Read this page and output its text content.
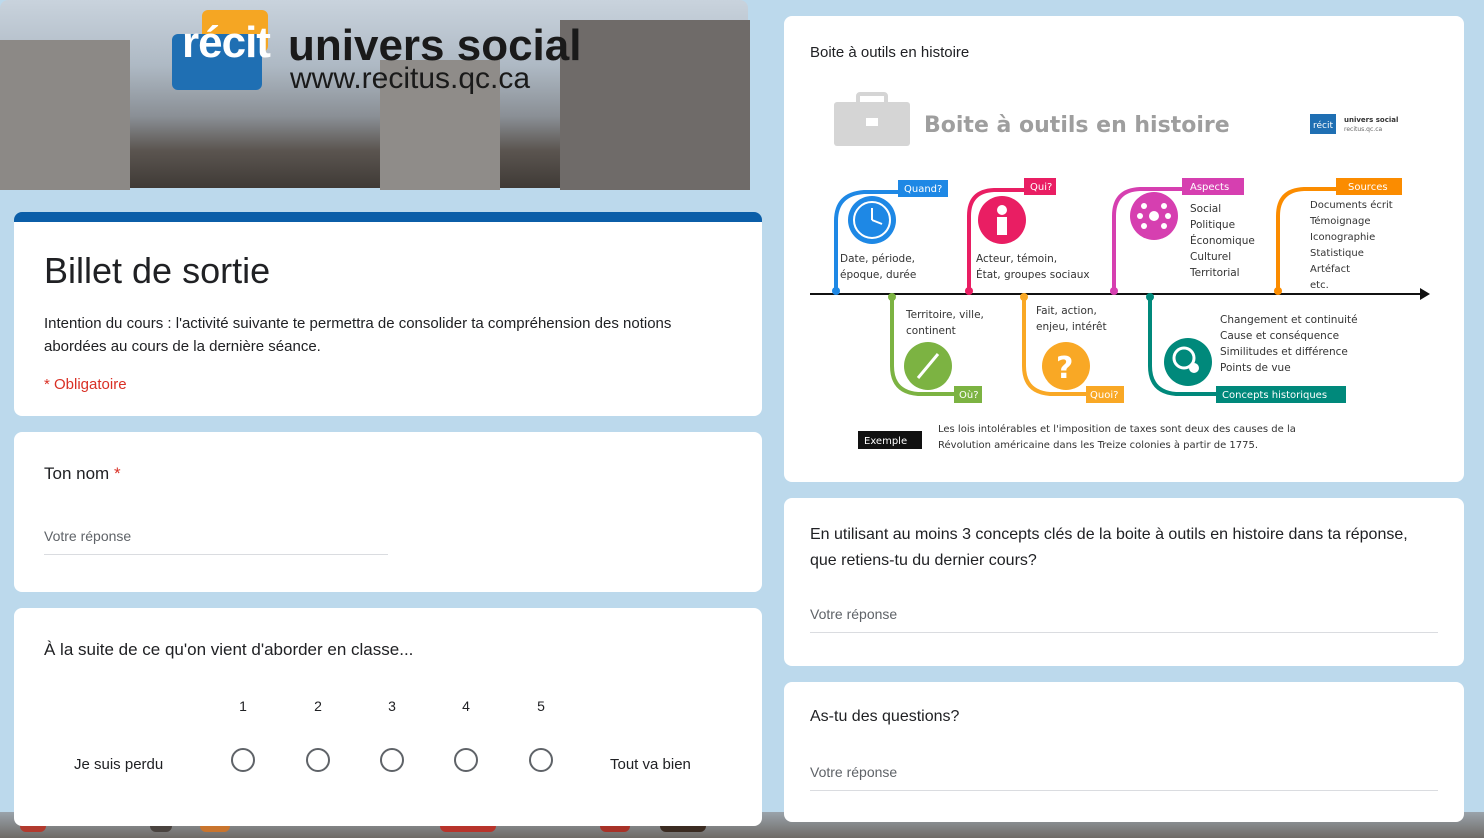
récit univers social
www.recitus.qc.ca
Billet de sortie
Intention du cours : l'activité suivante te permettra de consolider ta compréhension des notions abordées au cours de la dernière séance.
* Obligatoire
Ton nom *
Votre réponse
À la suite de ce qu'on vient d'aborder en classe...
1	2	3	4	5
Je suis perdu	Tout va bien
Boite à outils en histoire
Boite à outils en histoire	récit
univers social
recitus.qc.ca
Quand?
Date, période,
époque, durée
Qui?
Acteur, témoin,
État, groupes sociaux
Aspects
Social
Politique
Économique
Culturel
Territorial
Sources
Documents écrit
Témoignage
Iconographie
Statistique
Artéfact
etc.
Où?
Territoire, ville,
continent
?
Quoi?
Fait, action,
enjeu, intérêt
Concepts historiques
Changement et continuité
Cause et conséquence
Similitudes et différence
Points de vue
Exemple
Les lois intolérables et l'imposition de taxes sont deux des causes de la
Révolution américaine dans les Treize colonies à partir de 1775.
En utilisant au moins 3 concepts clés de la boite à outils en histoire dans ta réponse, que retiens-tu du dernier cours?
Votre réponse
As-tu des questions?
Votre réponse
